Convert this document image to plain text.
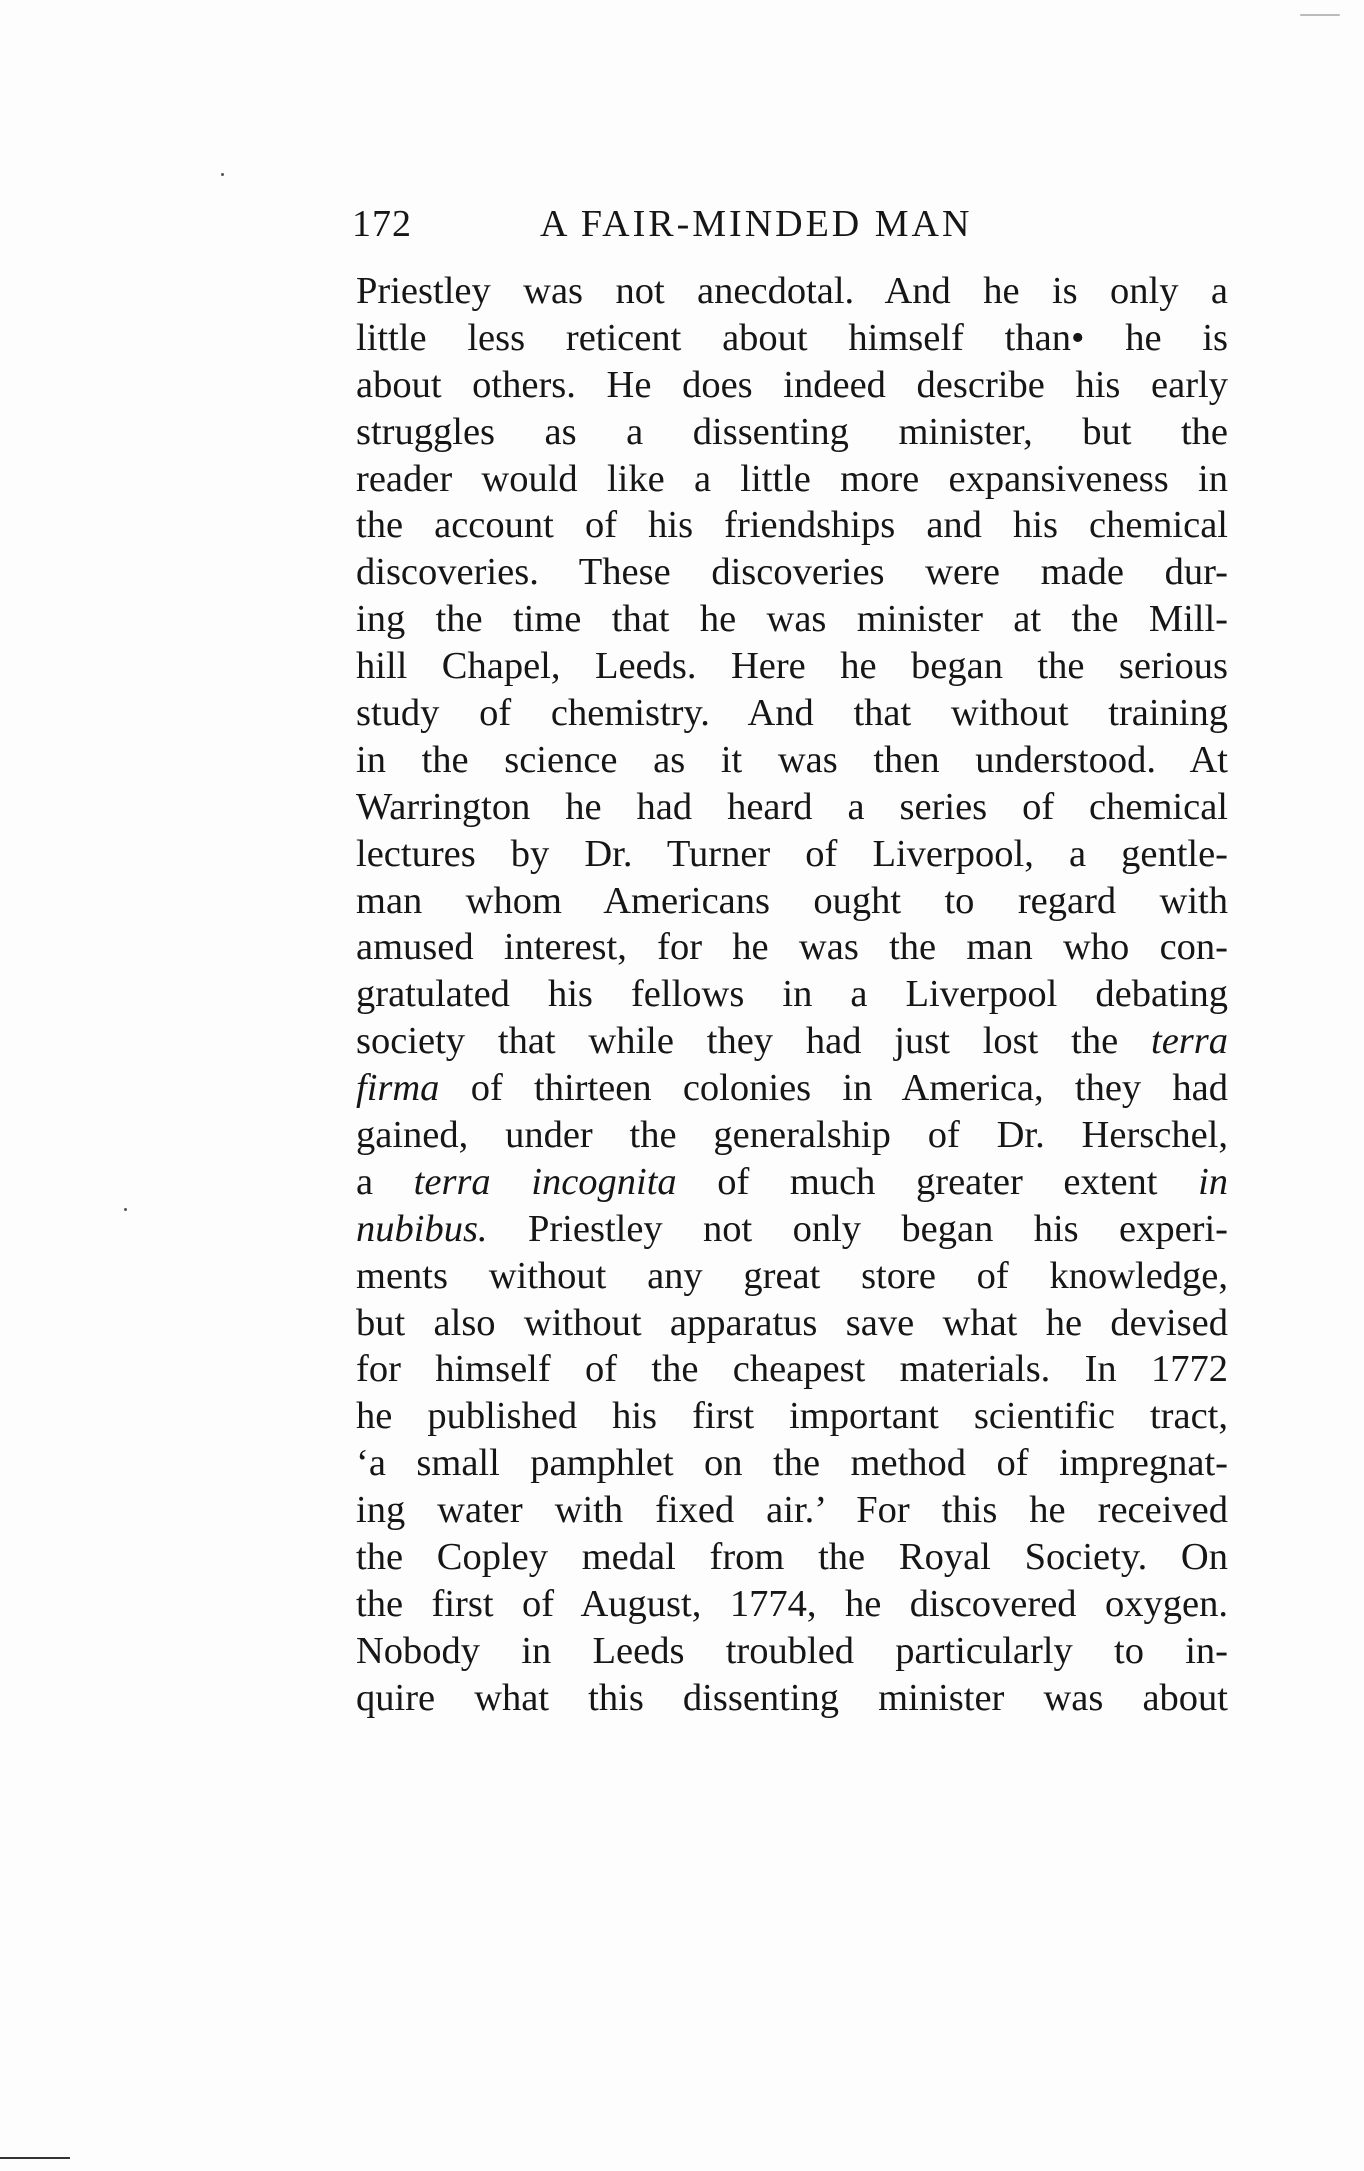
172	A FAIR-MINDED MAN
Priestley was not anecdotal. And he is only a
little less reticent about himself than• he is
about others. He does indeed describe his early
struggles as a dissenting minister, but the
reader would like a little more expansiveness in
the account of his friendships and his chemical
discoveries. These discoveries were made dur-
ing the time that he was minister at the Mill-
hill Chapel, Leeds. Here he began the serious
study of chemistry. And that without training
in the science as it was then understood. At
Warrington he had heard a series of chemical
lectures by Dr. Turner of Liverpool, a gentle-
man whom Americans ought to regard with
amused interest, for he was the man who con-
gratulated his fellows in a Liverpool debating
society that while they had just lost the terra
firma of thirteen colonies in America, they had
gained, under the generalship of Dr. Herschel,
a terra incognita of much greater extent in
nubibus. Priestley not only began his experi-
ments without any great store of knowledge,
but also without apparatus save what he devised
for himself of the cheapest materials. In 1772
he published his first important scientific tract,
‘a small pamphlet on the method of impregnat-
ing water with fixed air.’ For this he received
the Copley medal from the Royal Society. On
the first of August, 1774, he discovered oxygen.
Nobody in Leeds troubled particularly to in-
quire what this dissenting minister was about
